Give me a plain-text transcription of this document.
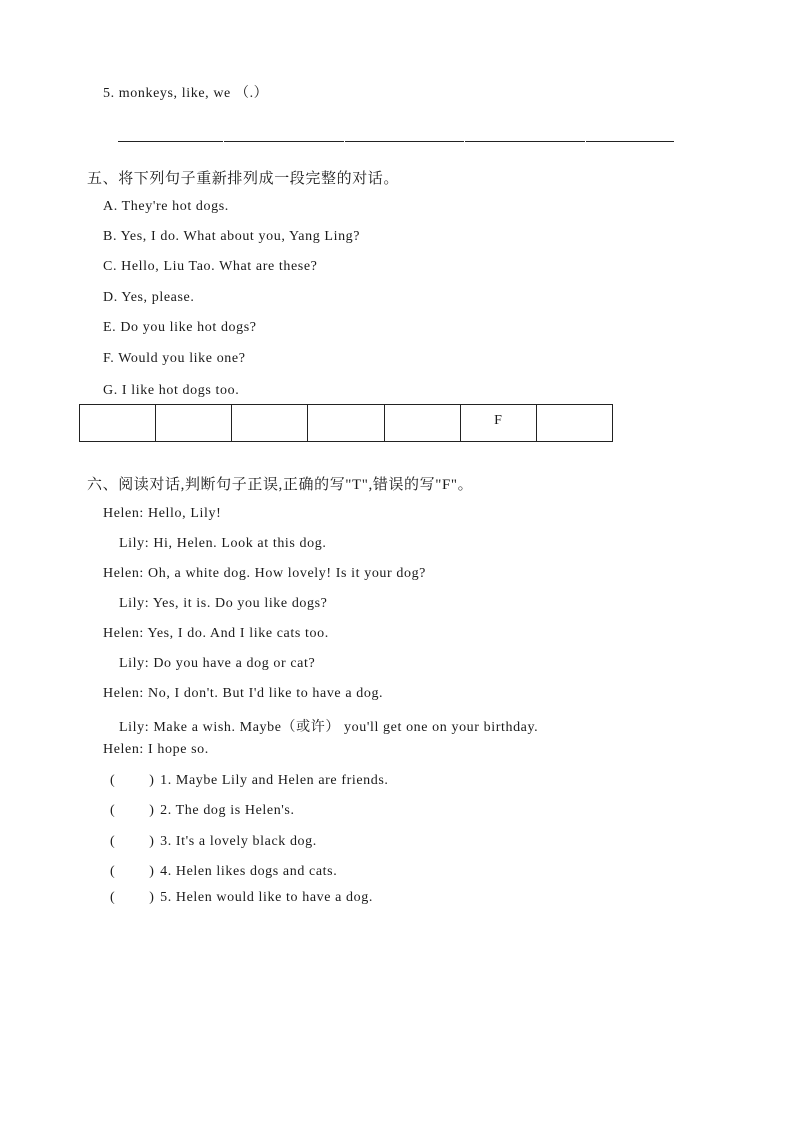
5. monkeys, like, we （.）
五、将下列句子重新排列成一段完整的对话。
A. They're hot dogs.
B. Yes, I do. What about you, Yang Ling?
C. Hello, Liu Tao. What are these?
D. Yes, please.
E. Do you like hot dogs?
F. Would you like one?
G. I like hot dogs too.
					F	
六、阅读对话,判断句子正误,正确的写"T",错误的写"F"。
Helen: Hello, Lily!
Lily: Hi, Helen. Look at this dog.
Helen: Oh, a white dog. How lovely! Is it your dog?
Lily: Yes, it is. Do you like dogs?
Helen: Yes, I do. And I like cats too.
Lily: Do you have a dog or cat?
Helen: No, I don't. But I'd like to have a dog.
Lily: Make a wish. Maybe（或许） you'll get one on your birthday.
Helen: I hope so.
( ) 1. Maybe Lily and Helen are friends.
( ) 2. The dog is Helen's.
( ) 3. It's a lovely black dog.
( ) 4. Helen likes dogs and cats.
( ) 5. Helen would like to have a dog.
